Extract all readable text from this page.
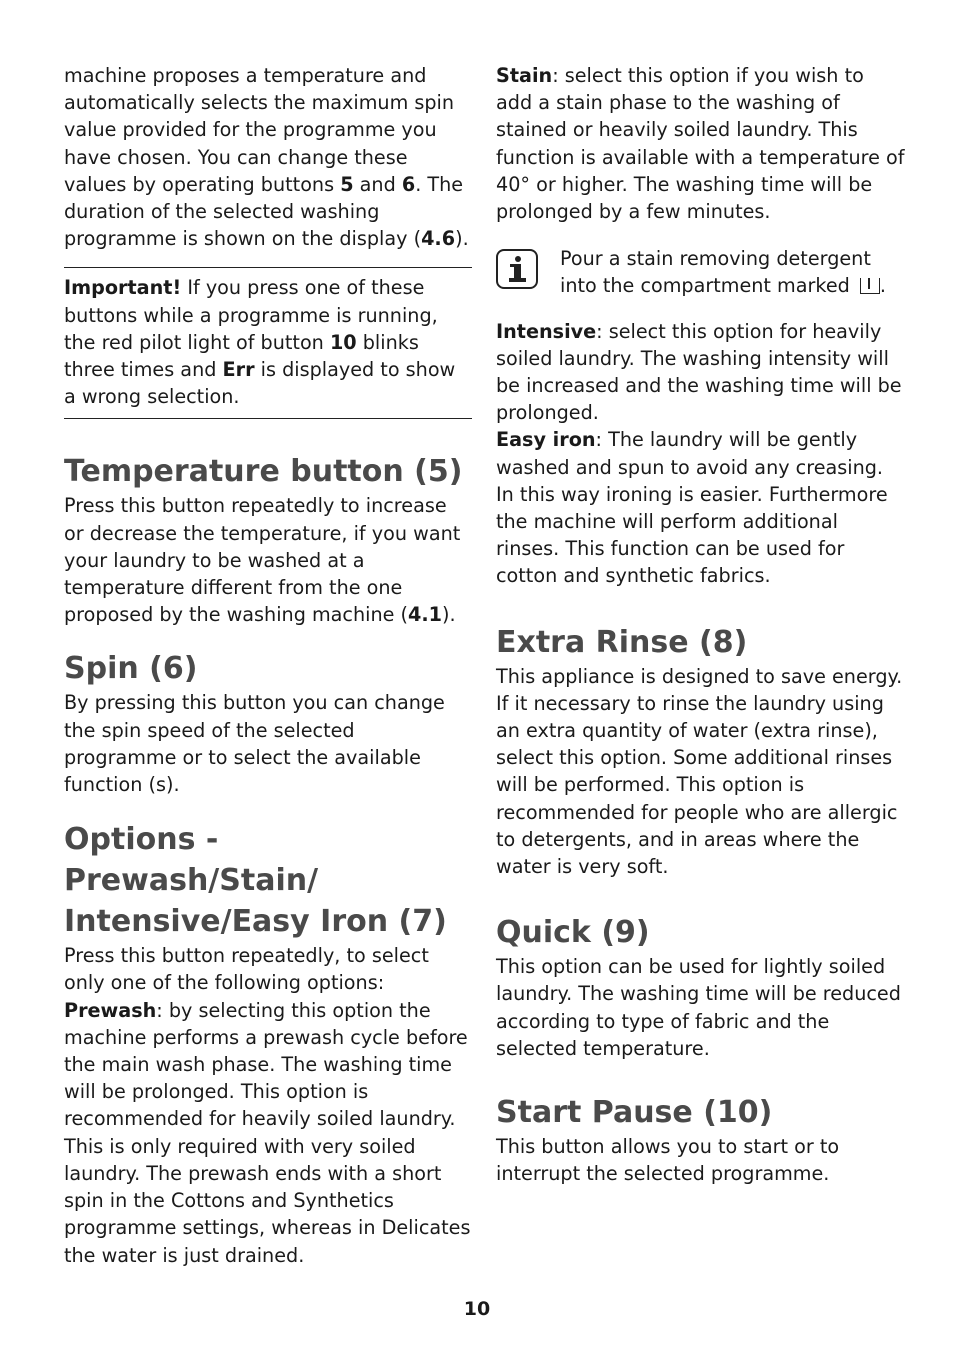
machine proposes a temperature and automatically selects the maximum spin value provided for the programme you have chosen. You can change these values by operating buttons 5 and 6. The duration of the selected washing programme is shown on the display (4.6).

Important! If you press one of these buttons while a programme is running, the red pilot light of button 10 blinks three times and Err is displayed to show a wrong selection.

Temperature button (5)

Press this button repeatedly to increase or decrease the temperature, if you want your laundry to be washed at a temperature different from the one proposed by the washing machine (4.1).

Spin (6)

By pressing this button you can change the spin speed of the selected programme or to select the available function (s).

Options - Prewash/Stain/
Intensive/Easy Iron (7)

Press this button repeatedly, to select only one of the following options:

Prewash: by selecting this option the machine performs a prewash cycle before the main wash phase. The washing time will be prolonged. This option is recommended for heavily soiled laundry. This is only required with very soiled laundry. The prewash ends with a short spin in the Cottons and Synthetics programme settings, whereas in Delicates the water is just drained.

Stain: select this option if you wish to add a stain phase to the washing of stained or heavily soiled laundry. This function is available with a temperature of 40° or higher. The washing time will be prolonged by a few minutes.

Pour a stain removing detergent into the compartment marked .

Intensive: select this option for heavily soiled laundry. The washing intensity will be increased and the washing time will be prolonged.

Easy iron: The laundry will be gently washed and spun to avoid any creasing. In this way ironing is easier. Furthermore the machine will perform additional rinses. This function can be used for cotton and synthetic fabrics.

Extra Rinse (8)

This appliance is designed to save energy. If it necessary to rinse the laundry using an extra quantity of water (extra rinse), select this option. Some additional rinses will be performed. This option is recommended for people who are allergic to detergents, and in areas where the water is very soft.

Quick (9)

This option can be used for lightly soiled laundry. The washing time will be reduced according to type of fabric and the selected temperature.

Start Pause (10)

This button allows you to start or to interrupt the selected programme.

10
